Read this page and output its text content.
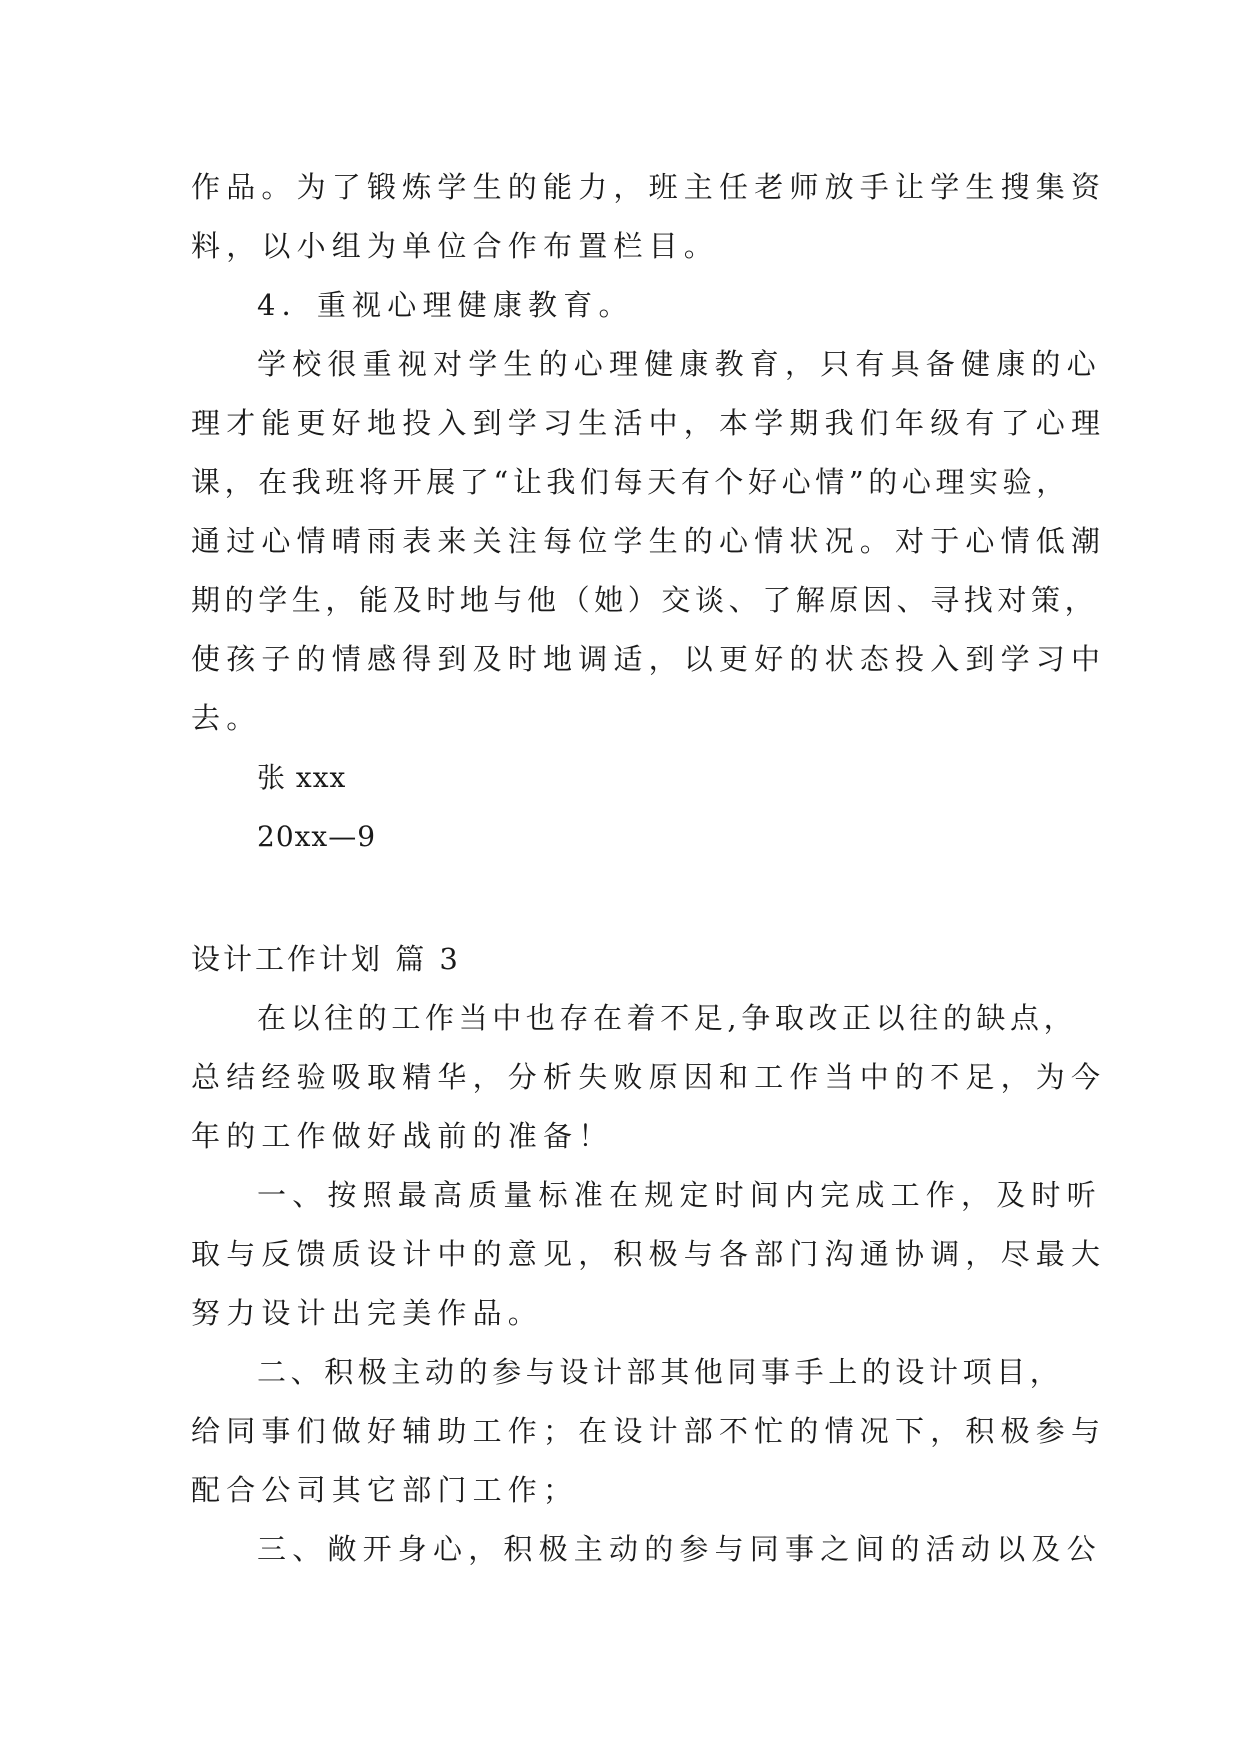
作品。为了锻炼学生的能力，班主任老师放手让学生搜集资
料，以小组为单位合作布置栏目。
4．重视心理健康教育。
学校很重视对学生的心理健康教育，只有具备健康的心
理才能更好地投入到学习生活中，本学期我们年级有了心理
课，在我班将开展了“让我们每天有个好心情”的心理实验，
通过心情晴雨表来关注每位学生的心情状况。对于心情低潮
期的学生，能及时地与他（她）交谈、了解原因、寻找对策，
使孩子的情感得到及时地调适，以更好的状态投入到学习中
去。
张 xxx
20xx—9
设计工作计划 篇 3
在以往的工作当中也存在着不足,争取改正以往的缺点，
总结经验吸取精华，分析失败原因和工作当中的不足，为今
年的工作做好战前的准备！
一、按照最高质量标准在规定时间内完成工作，及时听
取与反馈质设计中的意见，积极与各部门沟通协调，尽最大
努力设计出完美作品。
二、积极主动的参与设计部其他同事手上的设计项目，
给同事们做好辅助工作；在设计部不忙的情况下，积极参与
配合公司其它部门工作；
三、敞开身心，积极主动的参与同事之间的活动以及公
